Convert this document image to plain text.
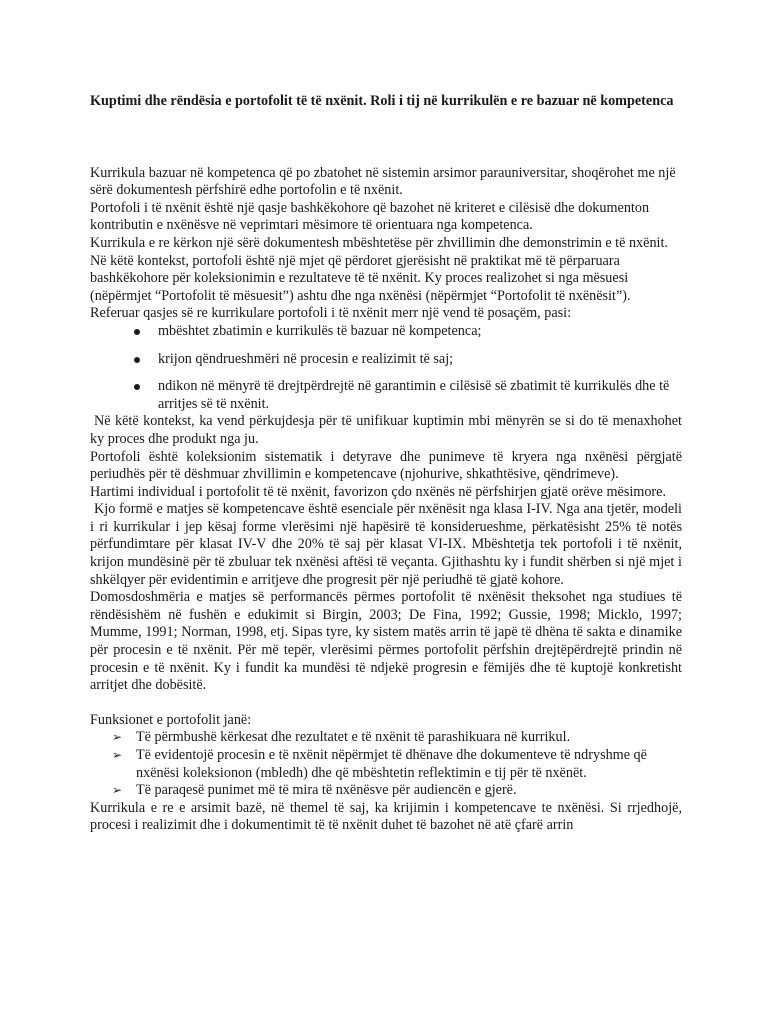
Kuptimi dhe rëndësia e portofolit të të nxënit. Roli i tij në kurrikulën e re bazuar në kompetenca

Kurrikula bazuar në kompetenca që po zbatohet në sistemin arsimor parauniversitar, shoqërohet me një sërë dokumentesh përfshirë edhe portofolin e të nxënit.

Portofoli i të nxënit është një qasje bashkëkohore që bazohet në kriteret e cilësisë dhe dokumenton kontributin e nxënësve në veprimtari mësimore të orientuara nga kompetenca.

Kurrikula e re kërkon një sërë dokumentesh mbështetëse për zhvillimin dhe demonstrimin e të nxënit. Në këtë kontekst, portofoli është një mjet që përdoret gjerësisht në praktikat më të përparuara bashkëkohore për koleksionimin e rezultateve të të nxënit. Ky proces realizohet si nga mësuesi (nëpërmjet “Portofolit të mësuesit”) ashtu dhe nga nxënësi (nëpërmjet “Portofolit të nxënësit”).

Referuar qasjes së re kurrikulare portofoli i të nxënit merr një vend të posaçëm, pasi:

mbështet zbatimin e kurrikulës të bazuar në kompetenca;
krijon qëndrueshmëri në procesin e realizimit të saj;
ndikon në mënyrë të drejtpërdrejtë në garantimin e cilësisë së zbatimit të kurrikulës dhe të arritjes së të nxënit.

Në këtë kontekst, ka vend përkujdesja për të unifikuar kuptimin mbi mënyrën se si do të menaxhohet ky proces dhe produkt nga ju.

Portofoli është koleksionim sistematik i detyrave dhe punimeve të kryera nga nxënësi përgjatë periudhës për të dëshmuar zhvillimin e kompetencave (njohurive, shkathtësive, qëndrimeve).

Hartimi individual i portofolit të të nxënit, favorizon çdo nxënës në përfshirjen gjatë orëve mësimore.

Kjo formë e matjes së kompetencave është esenciale për nxënësit nga klasa I-IV. Nga ana tjetër, modeli i ri kurrikular i jep kësaj forme vlerësimi një hapësirë të konsiderueshme, përkatësisht 25% të notës përfundimtare për klasat IV-V dhe 20% të saj për klasat VI-IX. Mbështetja tek portofoli i të nxënit, krijon mundësinë për të zbuluar tek nxënësi aftësi të veçanta. Gjithashtu ky i fundit shërben si një mjet i shkëlqyer për evidentimin e arritjeve dhe progresit për një periudhë të gjatë kohore.

Domosdoshmëria e matjes së performancës përmes portofolit të nxënësit theksohet nga studiues të rëndësishëm në fushën e edukimit si Birgin, 2003; De Fina, 1992; Gussie, 1998; Micklo, 1997; Mumme, 1991; Norman, 1998, etj. Sipas tyre, ky sistem matës arrin të japë të dhëna të sakta e dinamike për procesin e të nxënit. Për më tepër, vlerësimi përmes portofolit përfshin drejtëpërdrejtë prindin në procesin e të nxënit. Ky i fundit ka mundësi të ndjekë progresin e fëmijës dhe të kuptojë konkretisht arritjet dhe dobësitë.

Funksionet e portofolit janë:

➢ Të përmbushë kërkesat dhe rezultatet e të nxënit të parashikuara në kurrikul.
➢ Të evidentojë procesin e të nxënit nëpërmjet të dhënave dhe dokumenteve të ndryshme që nxënësi koleksionon (mbledh) dhe që mbështetin reflektimin e tij për të nxënët.
➢ Të paraqesë punimet më të mira të nxënësve për audiencën e gjerë.

Kurrikula e re e arsimit bazë, në themel të saj, ka krijimin i kompetencave te nxënësi. Si rrjedhojë, procesi i realizimit dhe i dokumentimit të të nxënit duhet të bazohet në atë çfarë arrin
